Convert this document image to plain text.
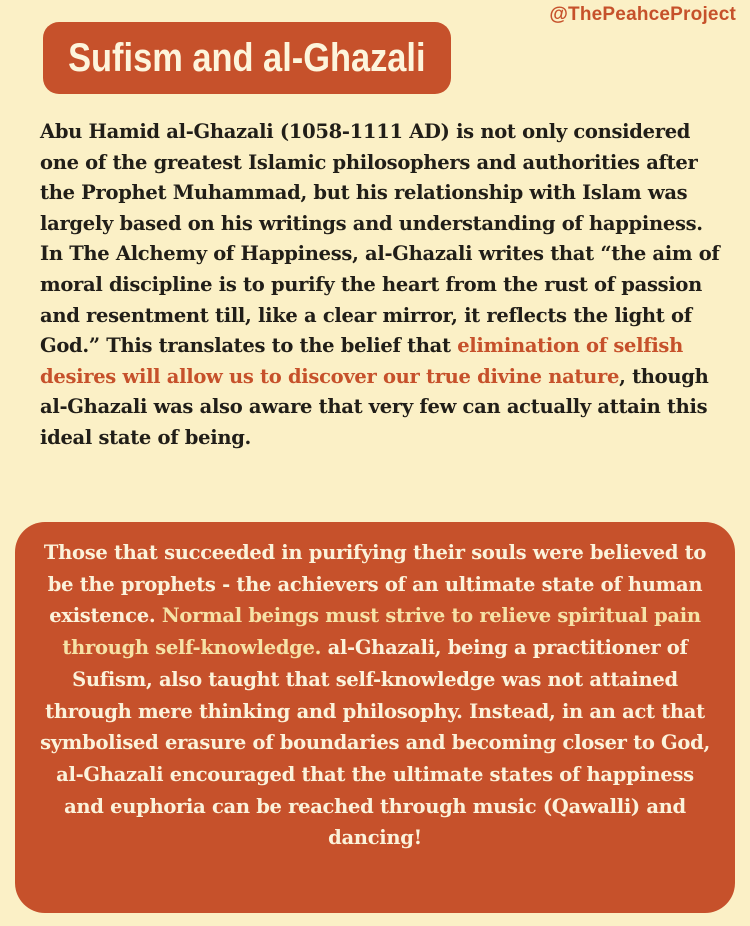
@ThePeahceProject
Sufism and al-Ghazali
Abu Hamid al-Ghazali (1058-1111 AD) is not only considered one of the greatest Islamic philosophers and authorities after the Prophet Muhammad, but his relationship with Islam was largely based on his writings and understanding of happiness. In The Alchemy of Happiness, al-Ghazali writes that “the aim of moral discipline is to purify the heart from the rust of passion and resentment till, like a clear mirror, it reflects the light of God.” This translates to the belief that elimination of selfish desires will allow us to discover our true divine nature, though al-Ghazali was also aware that very few can actually attain this ideal state of being.
Those that succeeded in purifying their souls were believed to be the prophets - the achievers of an ultimate state of human existence. Normal beings must strive to relieve spiritual pain through self-knowledge. al-Ghazali, being a practitioner of Sufism, also taught that self-knowledge was not attained through mere thinking and philosophy. Instead, in an act that symbolised erasure of boundaries and becoming closer to God, al-Ghazali encouraged that the ultimate states of happiness and euphoria can be reached through music (Qawalli) and dancing!
